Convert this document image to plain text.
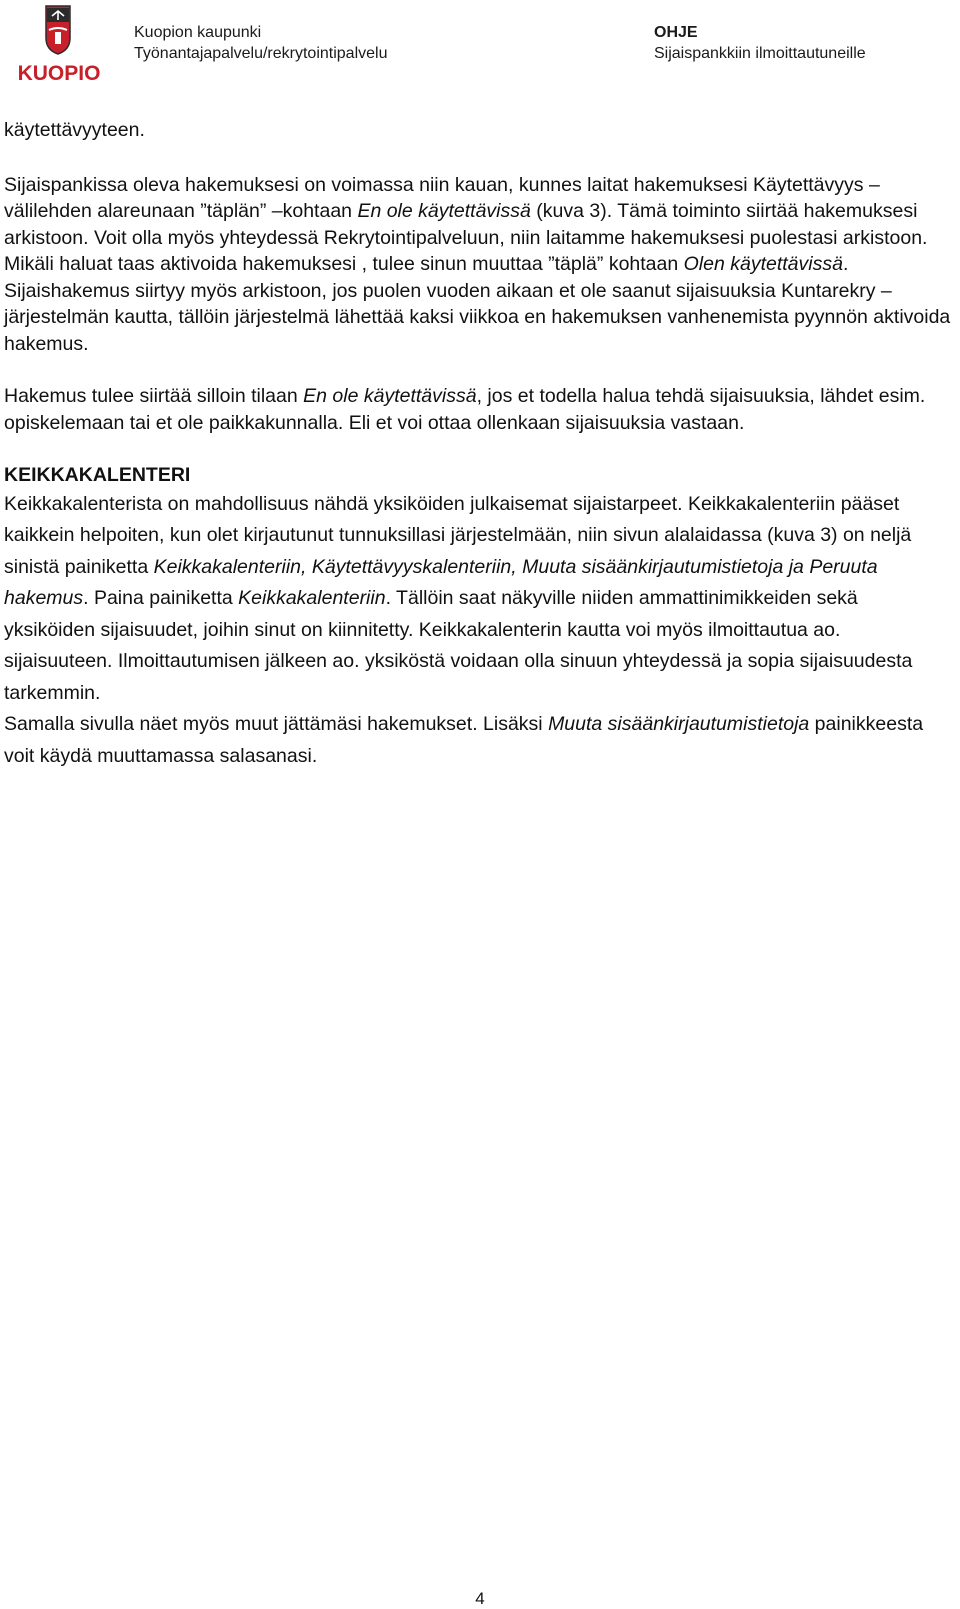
KUOPIO
Kuopion kaupunki
Työnantajapalvelu/rekrytointipalvelu
OHJE
Sijaispankkiin ilmoittautuneille

käytettävyyteen.

Sijaispankissa oleva hakemuksesi on voimassa niin kauan, kunnes laitat hakemuksesi Käytettävyys –välilehden alareunaan ”täplän” –kohtaan En ole käytettävissä (kuva 3). Tämä toiminto siirtää hakemuksesi arkistoon. Voit olla myös yhteydessä Rekrytointipalveluun, niin laitamme hakemuksesi puolestasi arkistoon. Mikäli haluat taas aktivoida hakemuksesi , tulee sinun muuttaa ”täplä” kohtaan Olen käytettävissä. Sijaishakemus siirtyy myös arkistoon, jos puolen vuoden aikaan et ole saanut sijaisuuksia Kuntarekry –järjestelmän kautta, tällöin järjestelmä lähettää kaksi viikkoa en hakemuksen vanhenemista pyynnön aktivoida hakemus.

Hakemus tulee siirtää silloin tilaan En ole käytettävissä, jos et todella halua tehdä sijaisuuksia, lähdet esim. opiskelemaan tai et ole paikkakunnalla. Eli et voi ottaa ollenkaan sijaisuuksia vastaan.

KEIKKAKALENTERI

Keikkakalenterista on mahdollisuus nähdä yksiköiden julkaisemat sijaistarpeet. Keikkakalenteriin pääset kaikkein helpoiten, kun olet kirjautunut tunnuksillasi järjestelmään, niin sivun alalaidassa (kuva 3) on neljä sinistä painiketta Keikkakalenteriin, Käytettävyyskalenteriin, Muuta sisäänkirjautumistietoja ja Peruuta hakemus. Paina painiketta Keikkakalenteriin. Tällöin saat näkyville niiden ammattinimikkeiden sekä yksiköiden sijaisuudet, joihin sinut on kiinnitetty. Keikkakalenterin kautta voi myös ilmoittautua ao. sijaisuuteen. Ilmoittautumisen jälkeen ao. yksiköstä voidaan olla sinuun yhteydessä ja sopia sijaisuudesta tarkemmin.

Samalla sivulla näet myös muut jättämäsi hakemukset. Lisäksi Muuta sisäänkirjautumistietoja painikkeesta voit käydä muuttamassa salasanasi.

4
